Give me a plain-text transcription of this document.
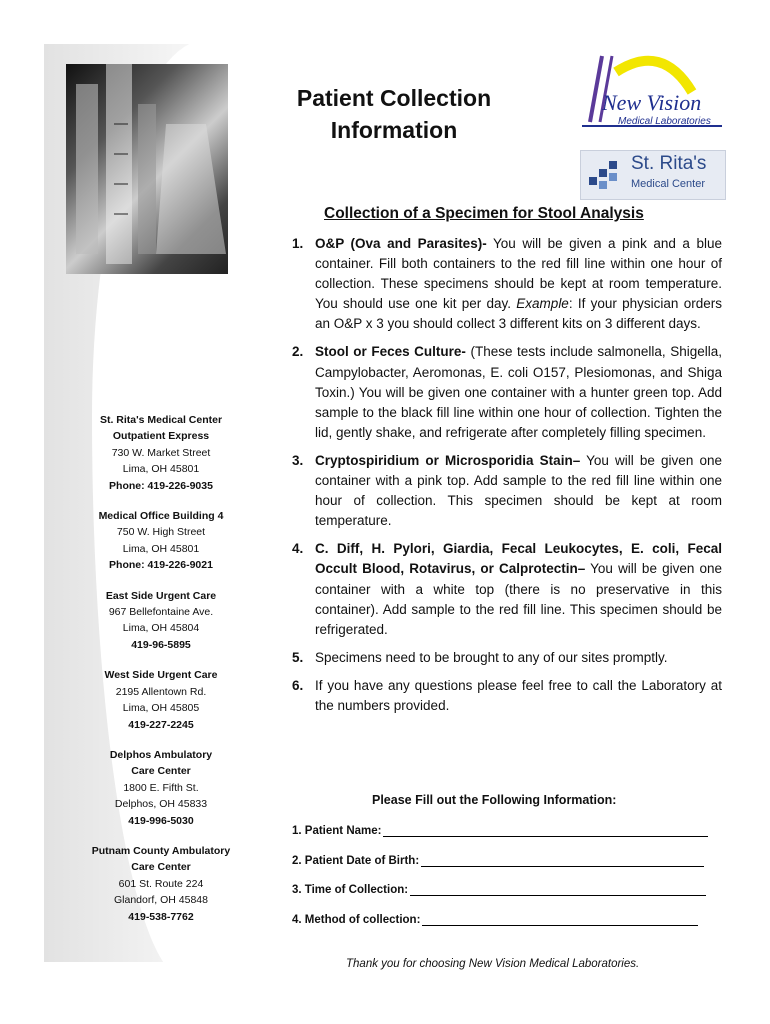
St. Rita's Medical Center
Outpatient Express
730 W. Market Street
Lima, OH 45801
Phone: 419-226-9035
Medical Office Building 4
750 W. High Street
Lima, OH 45801
Phone: 419-226-9021
East Side Urgent Care
967 Bellefontaine Ave.
Lima, OH 45804
419-96-5895
West Side Urgent Care
2195 Allentown Rd.
Lima, OH 45805
419-227-2245
Delphos Ambulatory
Care Center
1800 E. Fifth St.
Delphos, OH 45833
419-996-5030
Putnam County Ambulatory
Care Center
601 St. Route 224
Glandorf, OH 45848
419-538-7762
Patient Collection
Information
New Vision
Medical Laboratories
St. Rita's
Medical Center
Collection of a Specimen for Stool Analysis
1. O&P (Ova and Parasites)- You will be given a pink and a blue container. Fill both containers to the red fill line within one hour of collection. These specimens should be kept at room temperature. You should use one kit per day. Example: If your physician orders an O&P x 3 you should collect 3 different kits on 3 different days.
2. Stool or Feces Culture- (These tests include salmonella, Shigella, Campylobacter, Aeromonas, E. coli O157, Plesiomonas, and Shiga Toxin.) You will be given one container with a hunter green top. Add sample to the black fill line within one hour of collection. Tighten the lid, gently shake, and refrigerate after completely filling specimen.
3. Cryptospiridium or Microsporidia Stain– You will be given one container with a pink top. Add sample to the red fill line within one hour of collection. This specimen should be kept at room temperature.
4. C. Diff, H. Pylori, Giardia, Fecal Leukocytes, E. coli, Fecal Occult Blood, Rotavirus, or Calprotectin– You will be given one container with a white top (there is no preservative in this container). Add sample to the red fill line. This specimen should be refrigerated.
5. Specimens need to be brought to any of our sites promptly.
6. If you have any questions please feel free to call the Laboratory at the numbers provided.
Please Fill out the Following Information:
1. Patient Name:
2. Patient Date of Birth:
3. Time of Collection:
4. Method of collection:
Thank you for choosing New Vision Medical Laboratories.
